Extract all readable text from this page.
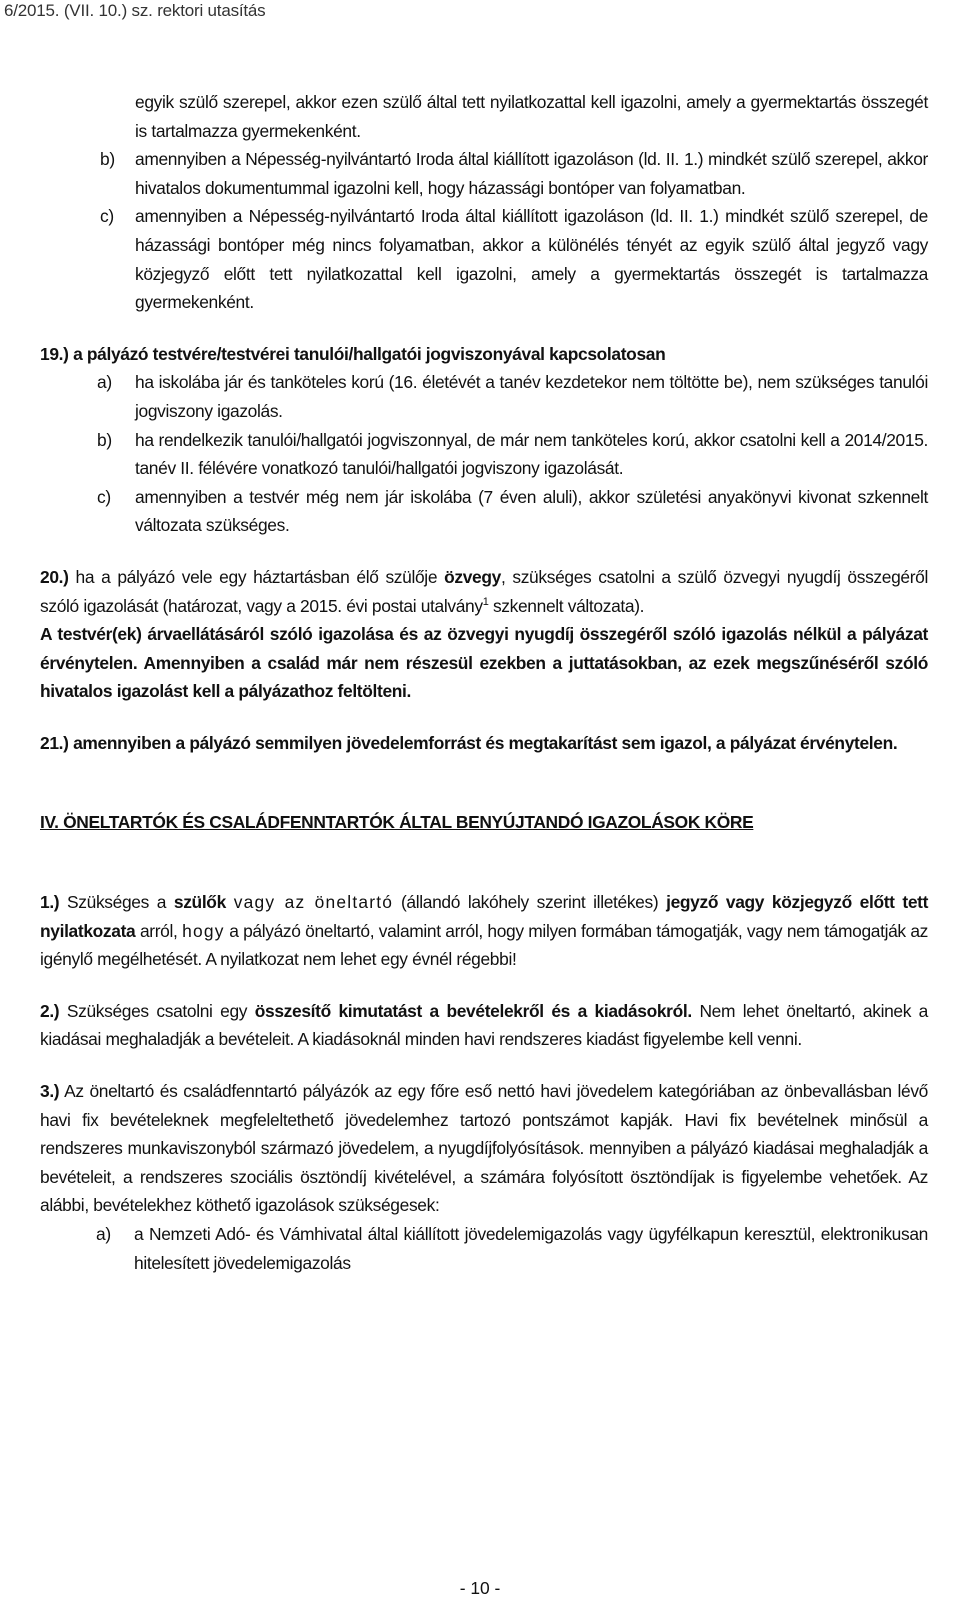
6/2015. (VII. 10.) sz. rektori utasítás

egyik szülő szerepel, akkor ezen szülő által tett nyilatkozattal kell igazolni, amely a gyermektartás összegét is tartalmazza gyermekenként.

b) amennyiben a Népesség-nyilvántartó Iroda által kiállított igazoláson (ld. II. 1.) mindkét szülő szerepel, akkor hivatalos dokumentummal igazolni kell, hogy házassági bontóper van folyamatban.

c) amennyiben a Népesség-nyilvántartó Iroda által kiállított igazoláson (ld. II. 1.) mindkét szülő szerepel, de házassági bontóper még nincs folyamatban, akkor a különélés tényét az egyik szülő által jegyző vagy közjegyző előtt tett nyilatkozattal kell igazolni, amely a gyermektartás összegét is tartalmazza gyermekenként.

19.) a pályázó testvére/testvérei tanulói/hallgatói jogviszonyával kapcsolatosan

a) ha iskolába jár és tanköteles korú (16. életévét a tanév kezdetekor nem töltötte be), nem szükséges tanulói jogviszony igazolás.

b) ha rendelkezik tanulói/hallgatói jogviszonnyal, de már nem tanköteles korú, akkor csatolni kell a 2014/2015. tanév II. félévére vonatkozó tanulói/hallgatói jogviszony igazolását.

c) amennyiben a testvér még nem jár iskolába (7 éven aluli), akkor születési anyakönyvi kivonat szkennelt változata szükséges.

20.) ha a pályázó vele egy háztartásban élő szülője özvegy, szükséges csatolni a szülő özvegyi nyugdíj összegéről szóló igazolását (határozat, vagy a 2015. évi postai utalvány$^1$ szkennelt változata).

A testvér(ek) árvaellátásáról szóló igazolása és az özvegyi nyugdíj összegéről szóló igazolás nélkül a pályázat érvénytelen. Amennyiben a család már nem részesül ezekben a juttatásokban, az ezek megszűnéséről szóló hivatalos igazolást kell a pályázathoz feltölteni.

21.) amennyiben a pályázó semmilyen jövedelemforrást és megtakarítást sem igazol, a pályázat érvénytelen.

IV. ÖNELTARTÓK ÉS CSALÁDFENNTARTÓK ÁLTAL BENYÚJTANDÓ IGAZOLÁSOK KÖRE

1.) Szükséges a szülők vagy az öneltartó (állandó lakóhely szerint illetékes) jegyző vagy közjegyző előtt tett nyilatkozata arról, hogy a pályázó öneltartó, valamint arról, hogy milyen formában támogatják, vagy nem támogatják az igénylő megélhetését. A nyilatkozat nem lehet egy évnél régebbi!

2.) Szükséges csatolni egy összesítő kimutatást a bevételekről és a kiadásokról. Nem lehet öneltartó, akinek a kiadásai meghaladják a bevételeit. A kiadásoknál minden havi rendszeres kiadást figyelembe kell venni.

3.) Az öneltartó és családfenntartó pályázók az egy főre eső nettó havi jövedelem kategóriában az önbevallásban lévő havi fix bevételeknek megfeleltethető jövedelemhez tartozó pontszámot kapják. Havi fix bevételnek minősül a rendszeres munkaviszonyból származó jövedelem, a nyugdíjfolyósítások. mennyiben a pályázó kiadásai meghaladják a bevételeit, a rendszeres szociális ösztöndíj kivételével, a számára folyósított ösztöndíjak is figyelembe vehetőek. Az alábbi, bevételekhez köthető igazolások szükségesek:

a) a Nemzeti Adó- és Vámhivatal által kiállított jövedelemigazolás vagy ügyfélkapun keresztül, elektronikusan hitelesített jövedelemigazolás

- 10 -
